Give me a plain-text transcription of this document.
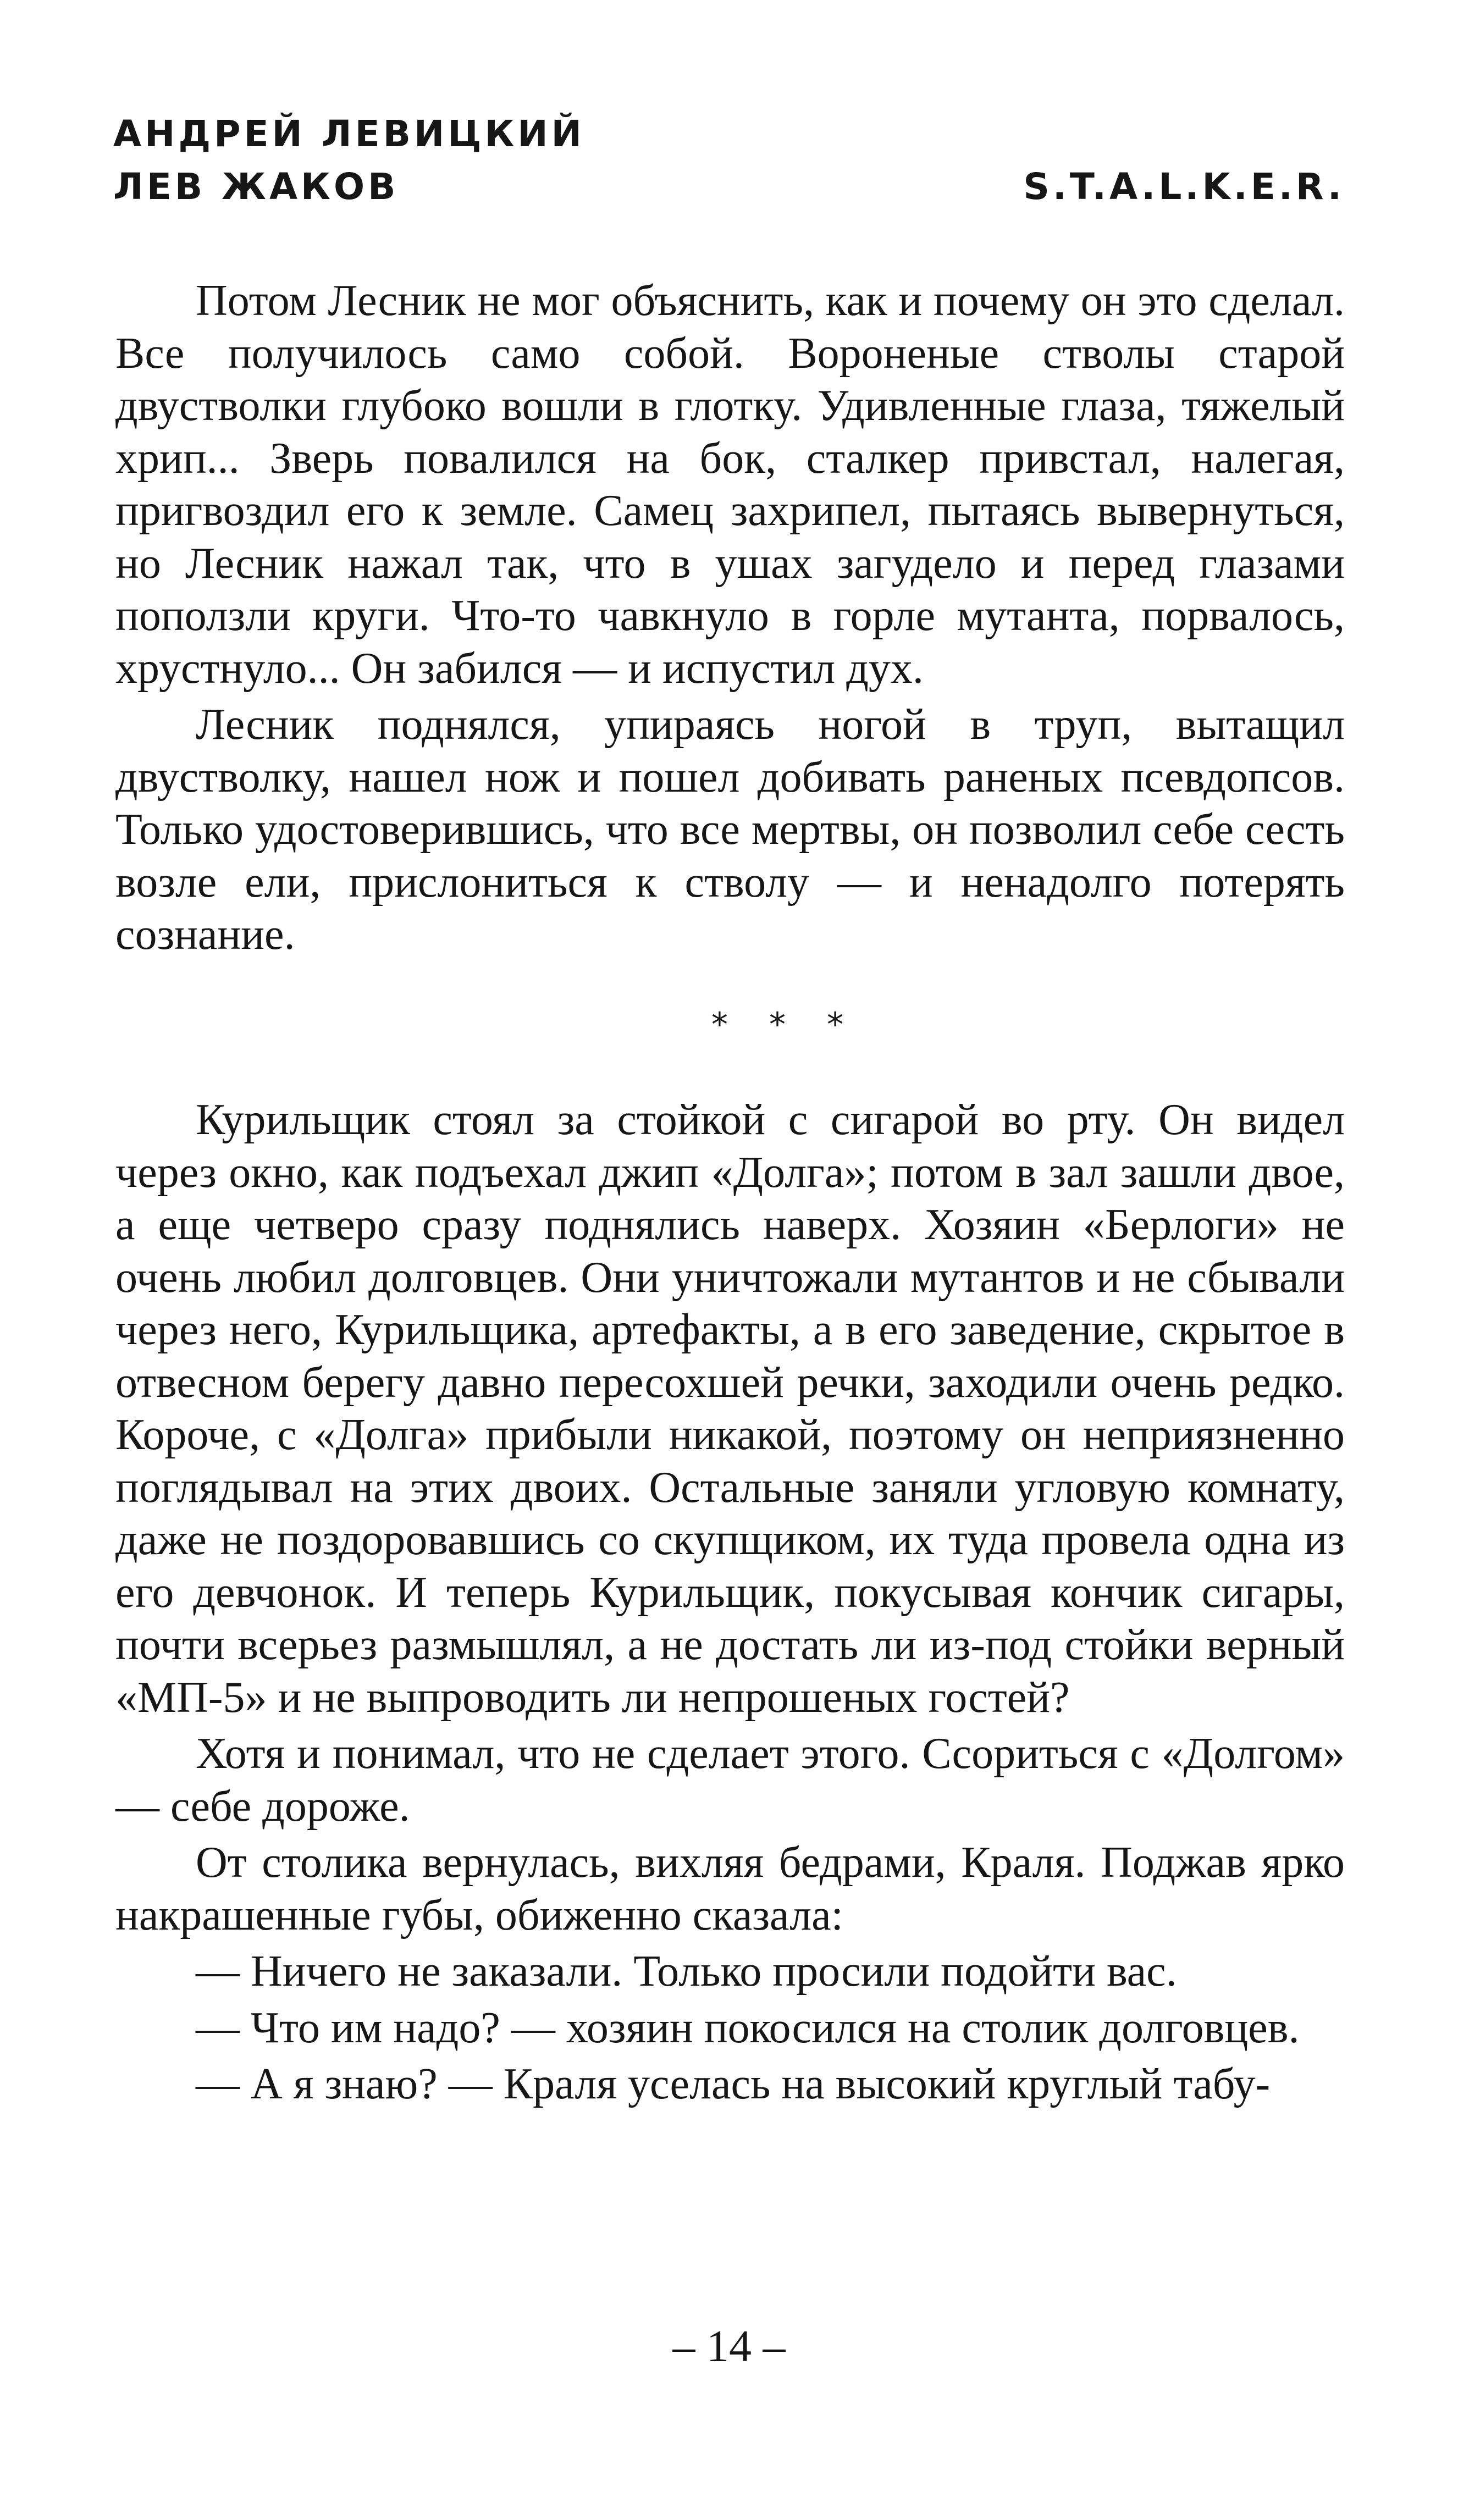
АНДРЕЙ ЛЕВИЦКИЙ
ЛЕВ ЖАКОВ	S.T.A.L.K.E.R.

Потом Лесник не мог объяснить, как и почему он это сделал. Все получилось само собой. Вороненые стволы старой двустволки глубоко вошли в глотку. Удивленные глаза, тяжелый хрип... Зверь повалился на бок, сталкер привстал, налегая, пригвоздил его к земле. Самец захрипел, пытаясь вывернуться, но Лесник нажал так, что в ушах загудело и перед глазами поползли круги. Что-то чавкнуло в горле мутанта, порвалось, хрустнуло... Он забился — и испустил дух.

Лесник поднялся, упираясь ногой в труп, вытащил двустволку, нашел нож и пошел добивать раненых псевдопсов. Только удостоверившись, что все мертвы, он позволил себе сесть возле ели, прислониться к стволу — и ненадолго потерять сознание.

* * *

Курильщик стоял за стойкой с сигарой во рту. Он видел через окно, как подъехал джип «Долга»; потом в зал зашли двое, а еще четверо сразу поднялись наверх. Хозяин «Берлоги» не очень любил долговцев. Они уничтожали мутантов и не сбывали через него, Курильщика, артефакты, а в его заведение, скрытое в отвесном берегу давно пересохшей речки, заходили очень редко. Короче, с «Долга» прибыли никакой, поэтому он неприязненно поглядывал на этих двоих. Остальные заняли угловую комнату, даже не поздоровавшись со скупщиком, их туда провела одна из его девчонок. И теперь Курильщик, покусывая кончик сигары, почти всерьез размышлял, а не достать ли из-под стойки верный «МП-5» и не выпроводить ли непрошеных гостей?

Хотя и понимал, что не сделает этого. Ссориться с «Долгом» — себе дороже.

От столика вернулась, вихляя бедрами, Краля. Поджав ярко накрашенные губы, обиженно сказала:

— Ничего не заказали. Только просили подойти вас.

— Что им надо? — хозяин покосился на столик долговцев.

— А я знаю? — Краля уселась на высокий круглый табу-

– 14 –
